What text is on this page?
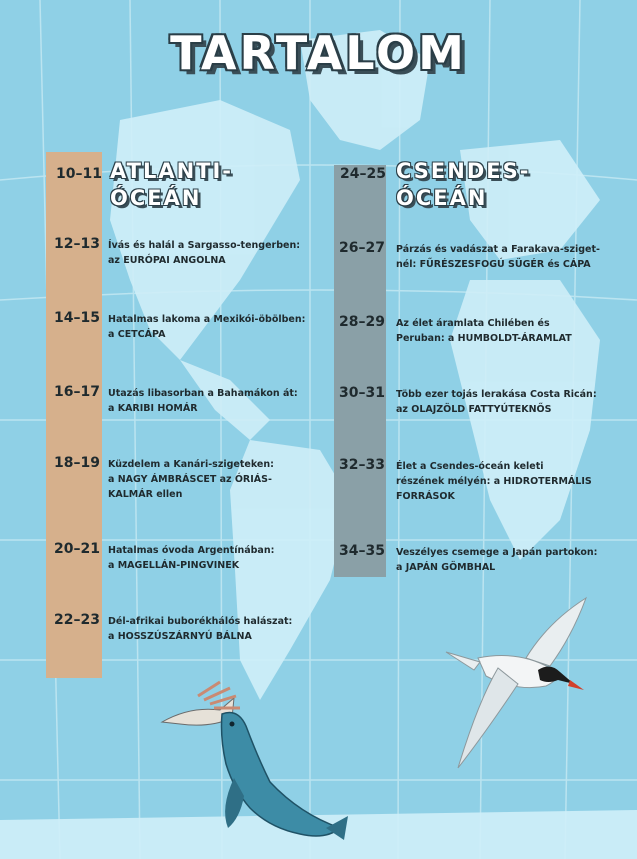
TARTALOM
10–11 ATLANTI-
ÓCEÁN
12–13 Ívás és halál a Sargasso-tengerben:
az EURÓPAI ANGOLNA
14–15 Hatalmas lakoma a Mexikói-öbölben:
a CETCÁPA
16–17 Utazás libasorban a Bahamákon át:
a KARIBI HOMÁR
18–19 Küzdelem a Kanári-szigeteken:
a NAGY ÁMBRÁSCET az ÓRIÁS-
KALMÁR ellen
20–21 Hatalmas óvoda Argentínában:
a MAGELLÁN-PINGVINEK
22–23 Dél-afrikai buborékhálós halászat:
a HOSSZÚSZÁRNYÚ BÁLNA
24–25 CSENDES-
ÓCEÁN
26–27 Párzás és vadászat a Farakava-sziget-
nél: FŰRÉSZESFOGÚ SÜGÉR és CÁPA
28–29 Az élet áramlata Chilében és
Peruban: a HUMBOLDT-ÁRAMLAT
30–31 Több ezer tojás lerakása Costa Ricán:
az OLAJZÖLD FATTYÚTEKNŐS
32–33 Élet a Csendes-óceán keleti
részének mélyén: a HIDROTERMÁLIS
FORRÁSOK
34–35 Veszélyes csemege a Japán partokon:
a JAPÁN GÖMBHAL
